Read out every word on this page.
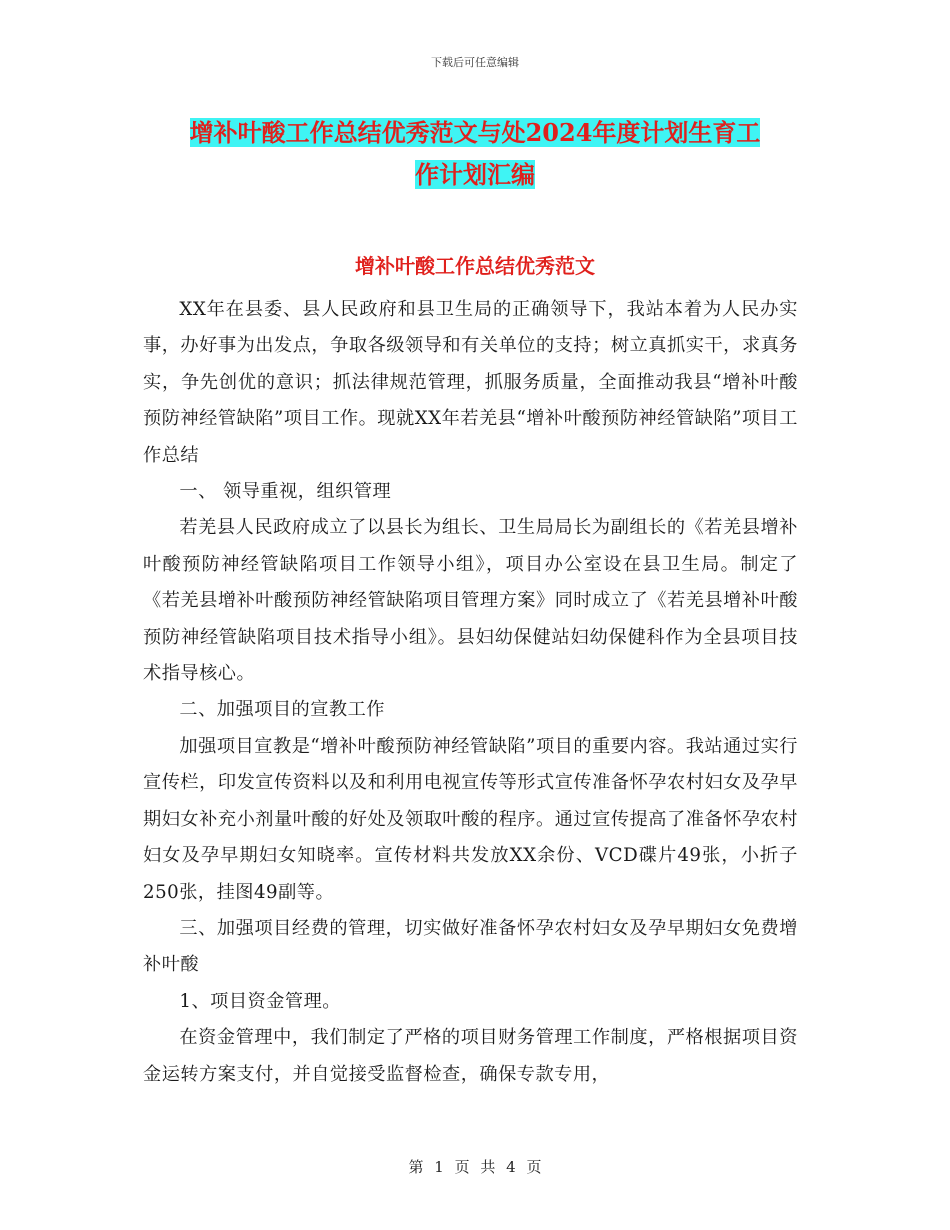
下载后可任意编辑
增补叶酸工作总结优秀范文与处2024年度计划生育工
作计划汇编
增补叶酸工作总结优秀范文

XX年在县委、县人民政府和县卫生局的正确领导下，我站本着为人民办实事，办好事为出发点，争取各级领导和有关单位的支持；树立真抓实干，求真务实，争先创优的意识；抓法律规范管理，抓服务质量，全面推动我县“增补叶酸预防神经管缺陷”项目工作。现就XX年若羌县“增补叶酸预防神经管缺陷”项目工作总结

一、 领导重视，组织管理

若羌县人民政府成立了以县长为组长、卫生局局长为副组长的《若羌县增补叶酸预防神经管缺陷项目工作领导小组》，项目办公室设在县卫生局。制定了《若羌县增补叶酸预防神经管缺陷项目管理方案》同时成立了《若羌县增补叶酸预防神经管缺陷项目技术指导小组》。县妇幼保健站妇幼保健科作为全县项目技术指导核心。

二、加强项目的宣教工作

加强项目宣教是“增补叶酸预防神经管缺陷”项目的重要内容。我站通过实行宣传栏，印发宣传资料以及和利用电视宣传等形式宣传准备怀孕农村妇女及孕早期妇女补充小剂量叶酸的好处及领取叶酸的程序。通过宣传提高了准备怀孕农村妇女及孕早期妇女知晓率。宣传材料共发放XX余份、VCD碟片49张，小折子250张，挂图49副等。

三、加强项目经费的管理，切实做好准备怀孕农村妇女及孕早期妇女免费增补叶酸

1、项目资金管理。

在资金管理中，我们制定了严格的项目财务管理工作制度，严格根据项目资金运转方案支付，并自觉接受监督检查，确保专款专用，

第 1 页 共 4 页
